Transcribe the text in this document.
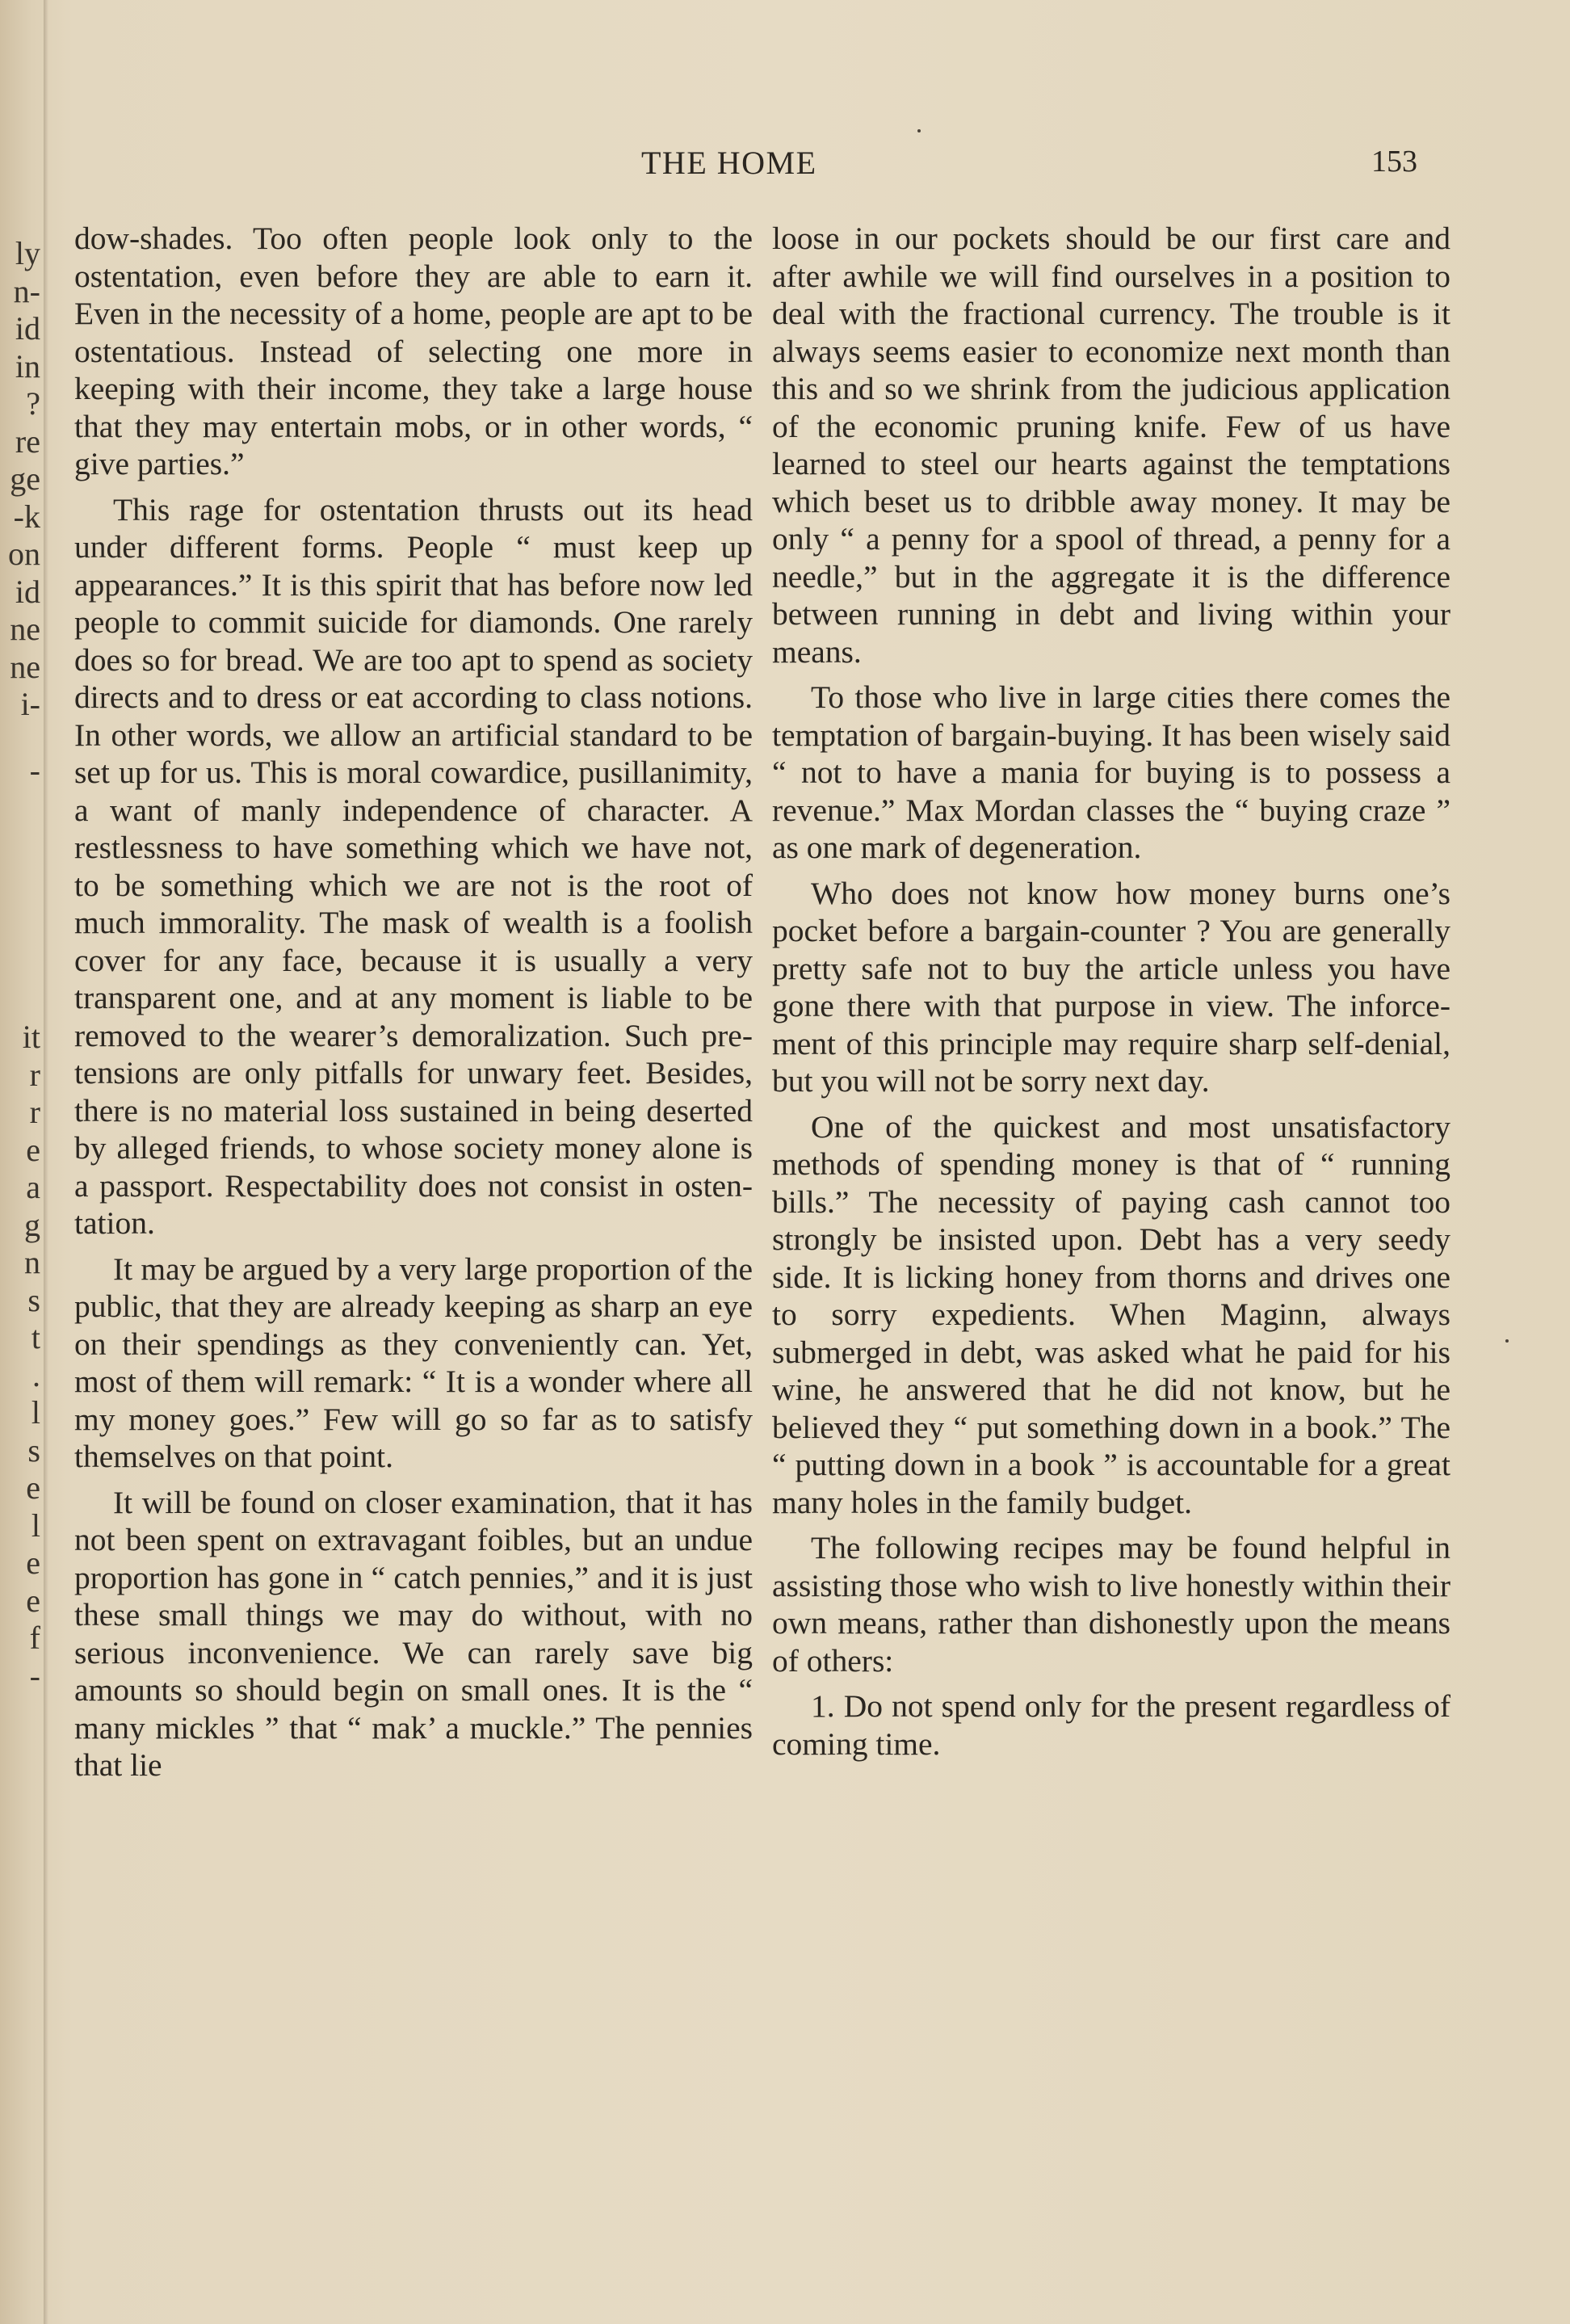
ly
n-
id
in
?
re
ge
-k
on
id
ne
ne
i-
-
it
r
r
e
a
g
n
s
t
.
l
s
e
l
e
e
f
-
THE HOME	153

dow-shades. Too often people look only to the ostentation, even before they are able to earn it. Even in the necessity of a home, people are apt to be ostentatious. Instead of selecting one more in keeping with their income, they take a large house that they may entertain mobs, or in other words, “ give parties.”

This rage for ostentation thrusts out its head under different forms. People “ must keep up appearances.” It is this spirit that has before now led people to commit suicide for diamonds. One rarely does so for bread. We are too apt to spend as society directs and to dress or eat according to class notions. In other words, we allow an artificial standard to be set up for us. This is moral cowardice, pusillanimity, a want of manly independence of character. A restlessness to have something which we have not, to be something which we are not is the root of much immorality. The mask of wealth is a foolish cover for any face, because it is usually a very transparent one, and at any moment is liable to be removed to the wearer’s demoralization. Such pretensions are only pitfalls for unwary feet. Besides, there is no material loss sustained in being deserted by alleged friends, to whose society money alone is a passport. Respectability does not consist in ostentation.

It may be argued by a very large proportion of the public, that they are already keeping as sharp an eye on their spendings as they conveniently can. Yet, most of them will remark: “ It is a wonder where all my money goes.” Few will go so far as to satisfy themselves on that point.

It will be found on closer examination, that it has not been spent on extravagant foibles, but an undue proportion has gone in “ catch pennies,” and it is just these small things we may do without, with no serious inconvenience. We can rarely save big amounts so should begin on small ones. It is the “ many mickles ” that “ mak’ a muckle.” The pennies that lie

loose in our pockets should be our first care and after awhile we will find ourselves in a position to deal with the fractional currency. The trouble is it always seems easier to economize next month than this and so we shrink from the judicious application of the economic pruning knife. Few of us have learned to steel our hearts against the temptations which beset us to dribble away money. It may be only “ a penny for a spool of thread, a penny for a needle,” but in the aggregate it is the difference between running in debt and living within your means.

To those who live in large cities there comes the temptation of bargain-buying. It has been wisely said “ not to have a mania for buying is to possess a revenue.” Max Mordan classes the “ buying craze ” as one mark of degeneration.

Who does not know how money burns one’s pocket before a bargain-counter ? You are generally pretty safe not to buy the article unless you have gone there with that purpose in view. The inforcement of this principle may require sharp self-denial, but you will not be sorry next day.

One of the quickest and most unsatisfactory methods of spending money is that of “ running bills.” The necessity of paying cash cannot too strongly be insisted upon. Debt has a very seedy side. It is licking honey from thorns and drives one to sorry expedients. When Maginn, always submerged in debt, was asked what he paid for his wine, he answered that he did not know, but he believed they “ put something down in a book.” The “ putting down in a book ” is accountable for a great many holes in the family budget.

The following recipes may be found helpful in assisting those who wish to live honestly within their own means, rather than dishonestly upon the means of others:

1. Do not spend only for the present regardless of coming time.
